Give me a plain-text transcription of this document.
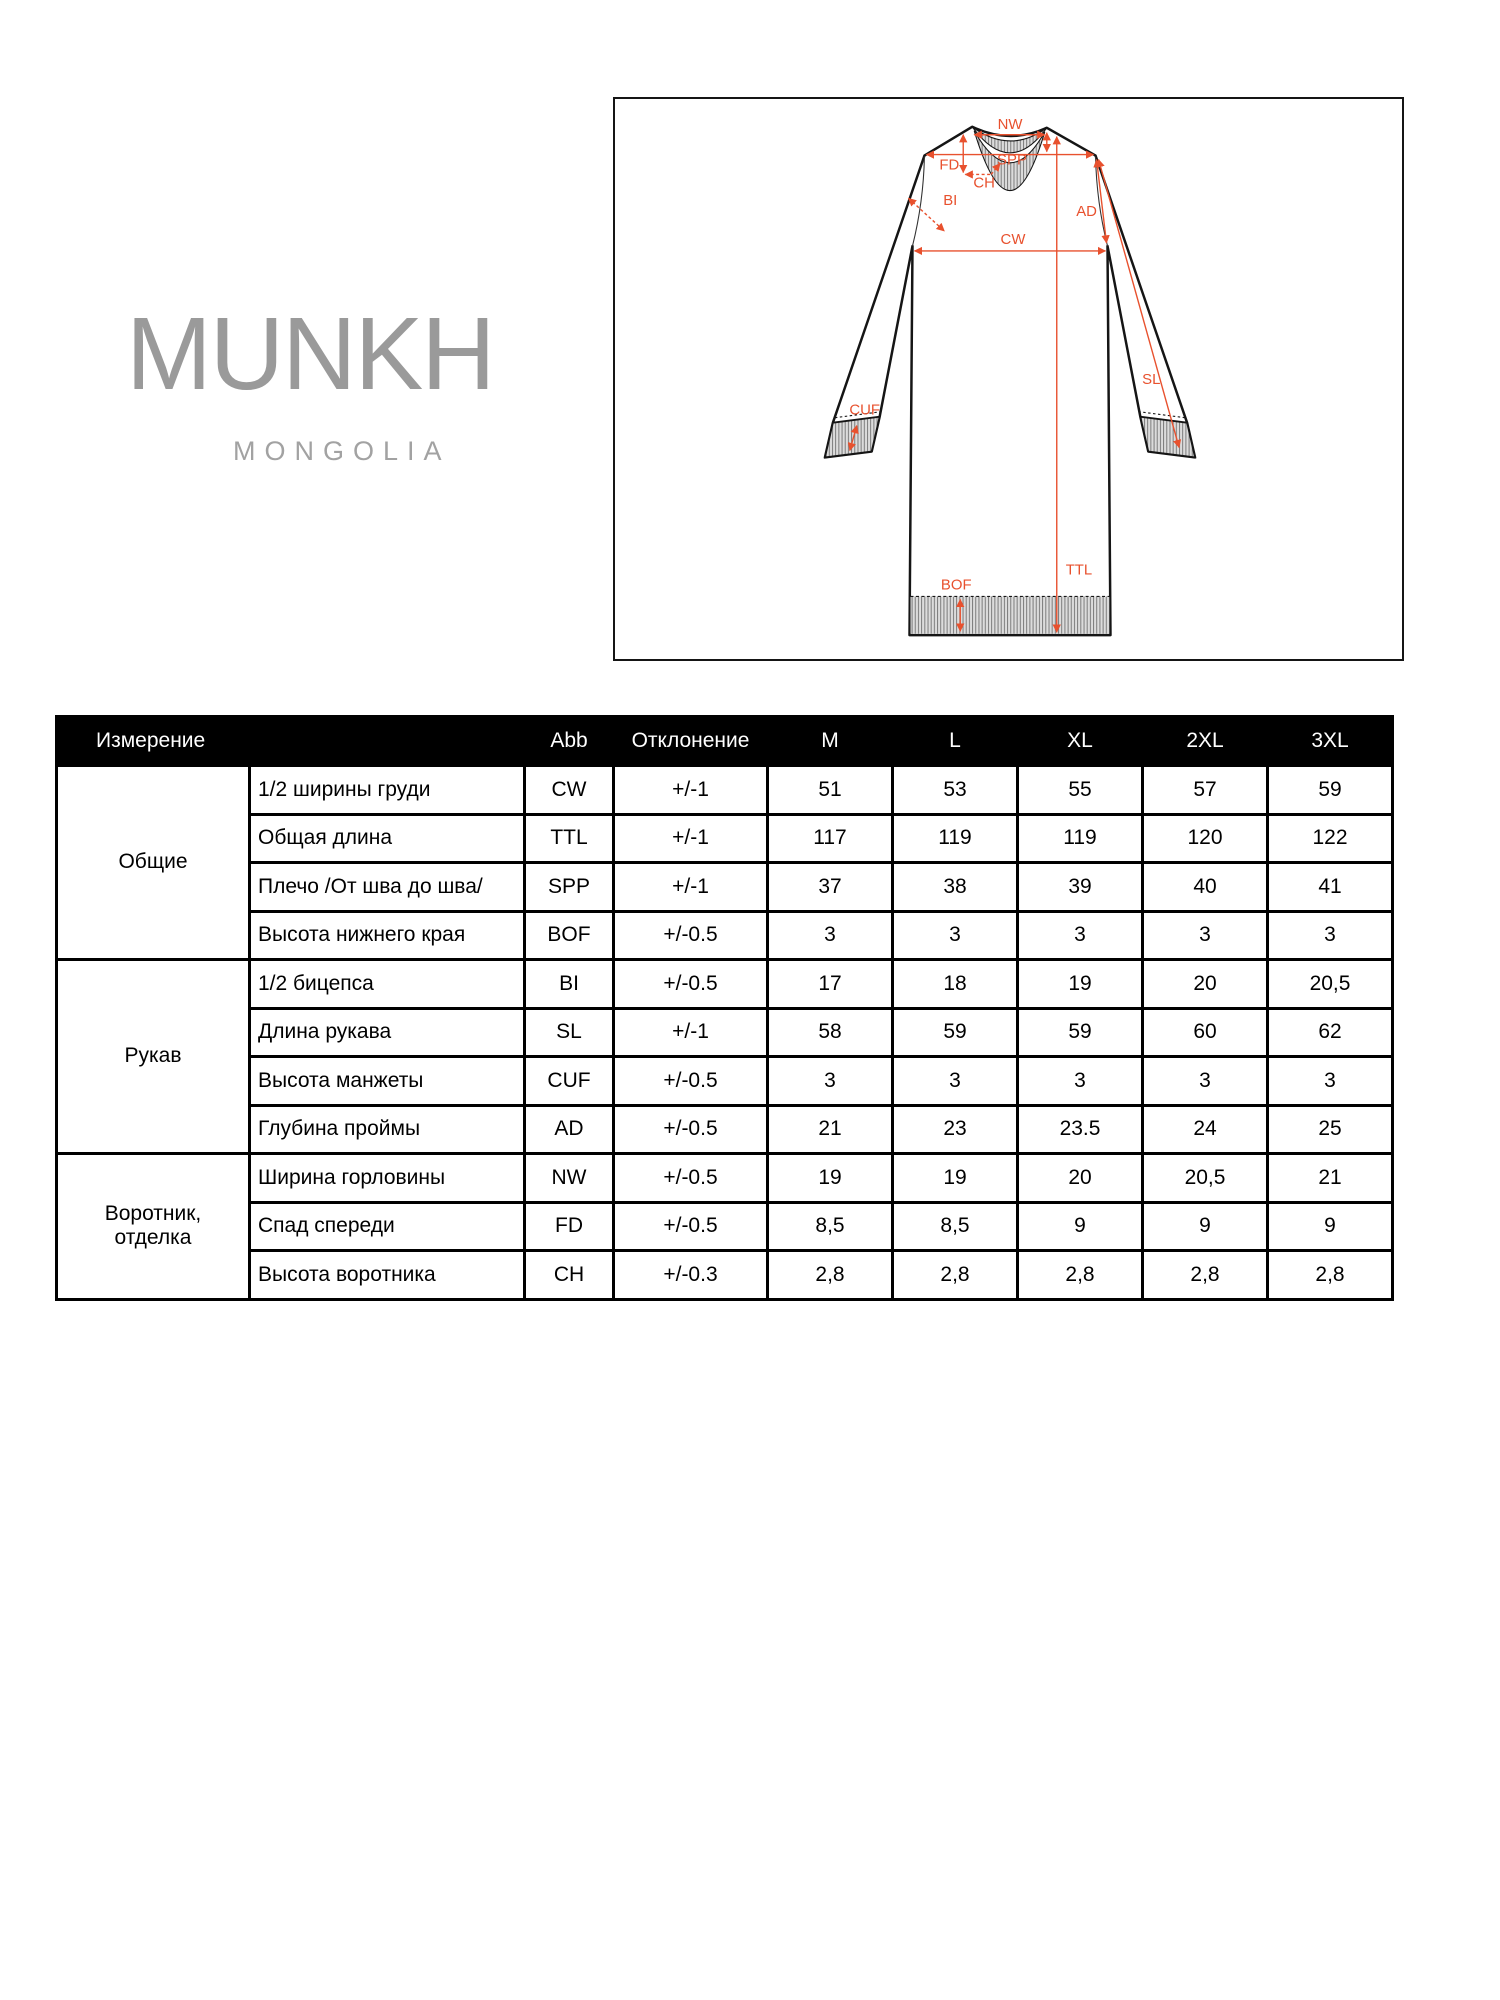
MUNKH
MONGOLIA
NW
SPP
FD
CH
BI
CW
AD
SL
CUF
TTL
BOF
Измерение		Abb	Отклонение	M	L	XL	2XL	3XL
Общие	1/2 ширины груди	CW	+/-1	51	53	55	57	59
	Общая длина	TTL	+/-1	117	119	119	120	122
	Плечо /От шва до шва/	SPP	+/-1	37	38	39	40	41
	Высота нижнего края	BOF	+/-0.5	3	3	3	3	3
Рукав	1/2 бицепса	BI	+/-0.5	17	18	19	20	20,5
	Длина рукава	SL	+/-1	58	59	59	60	62
	Высота манжеты	CUF	+/-0.5	3	3	3	3	3
	Глубина проймы	AD	+/-0.5	21	23	23.5	24	25
Воротник, отделка	Ширина горловины	NW	+/-0.5	19	19	20	20,5	21
	Спад спереди	FD	+/-0.5	8,5	8,5	9	9	9
	Высота воротника	CH	+/-0.3	2,8	2,8	2,8	2,8	2,8
